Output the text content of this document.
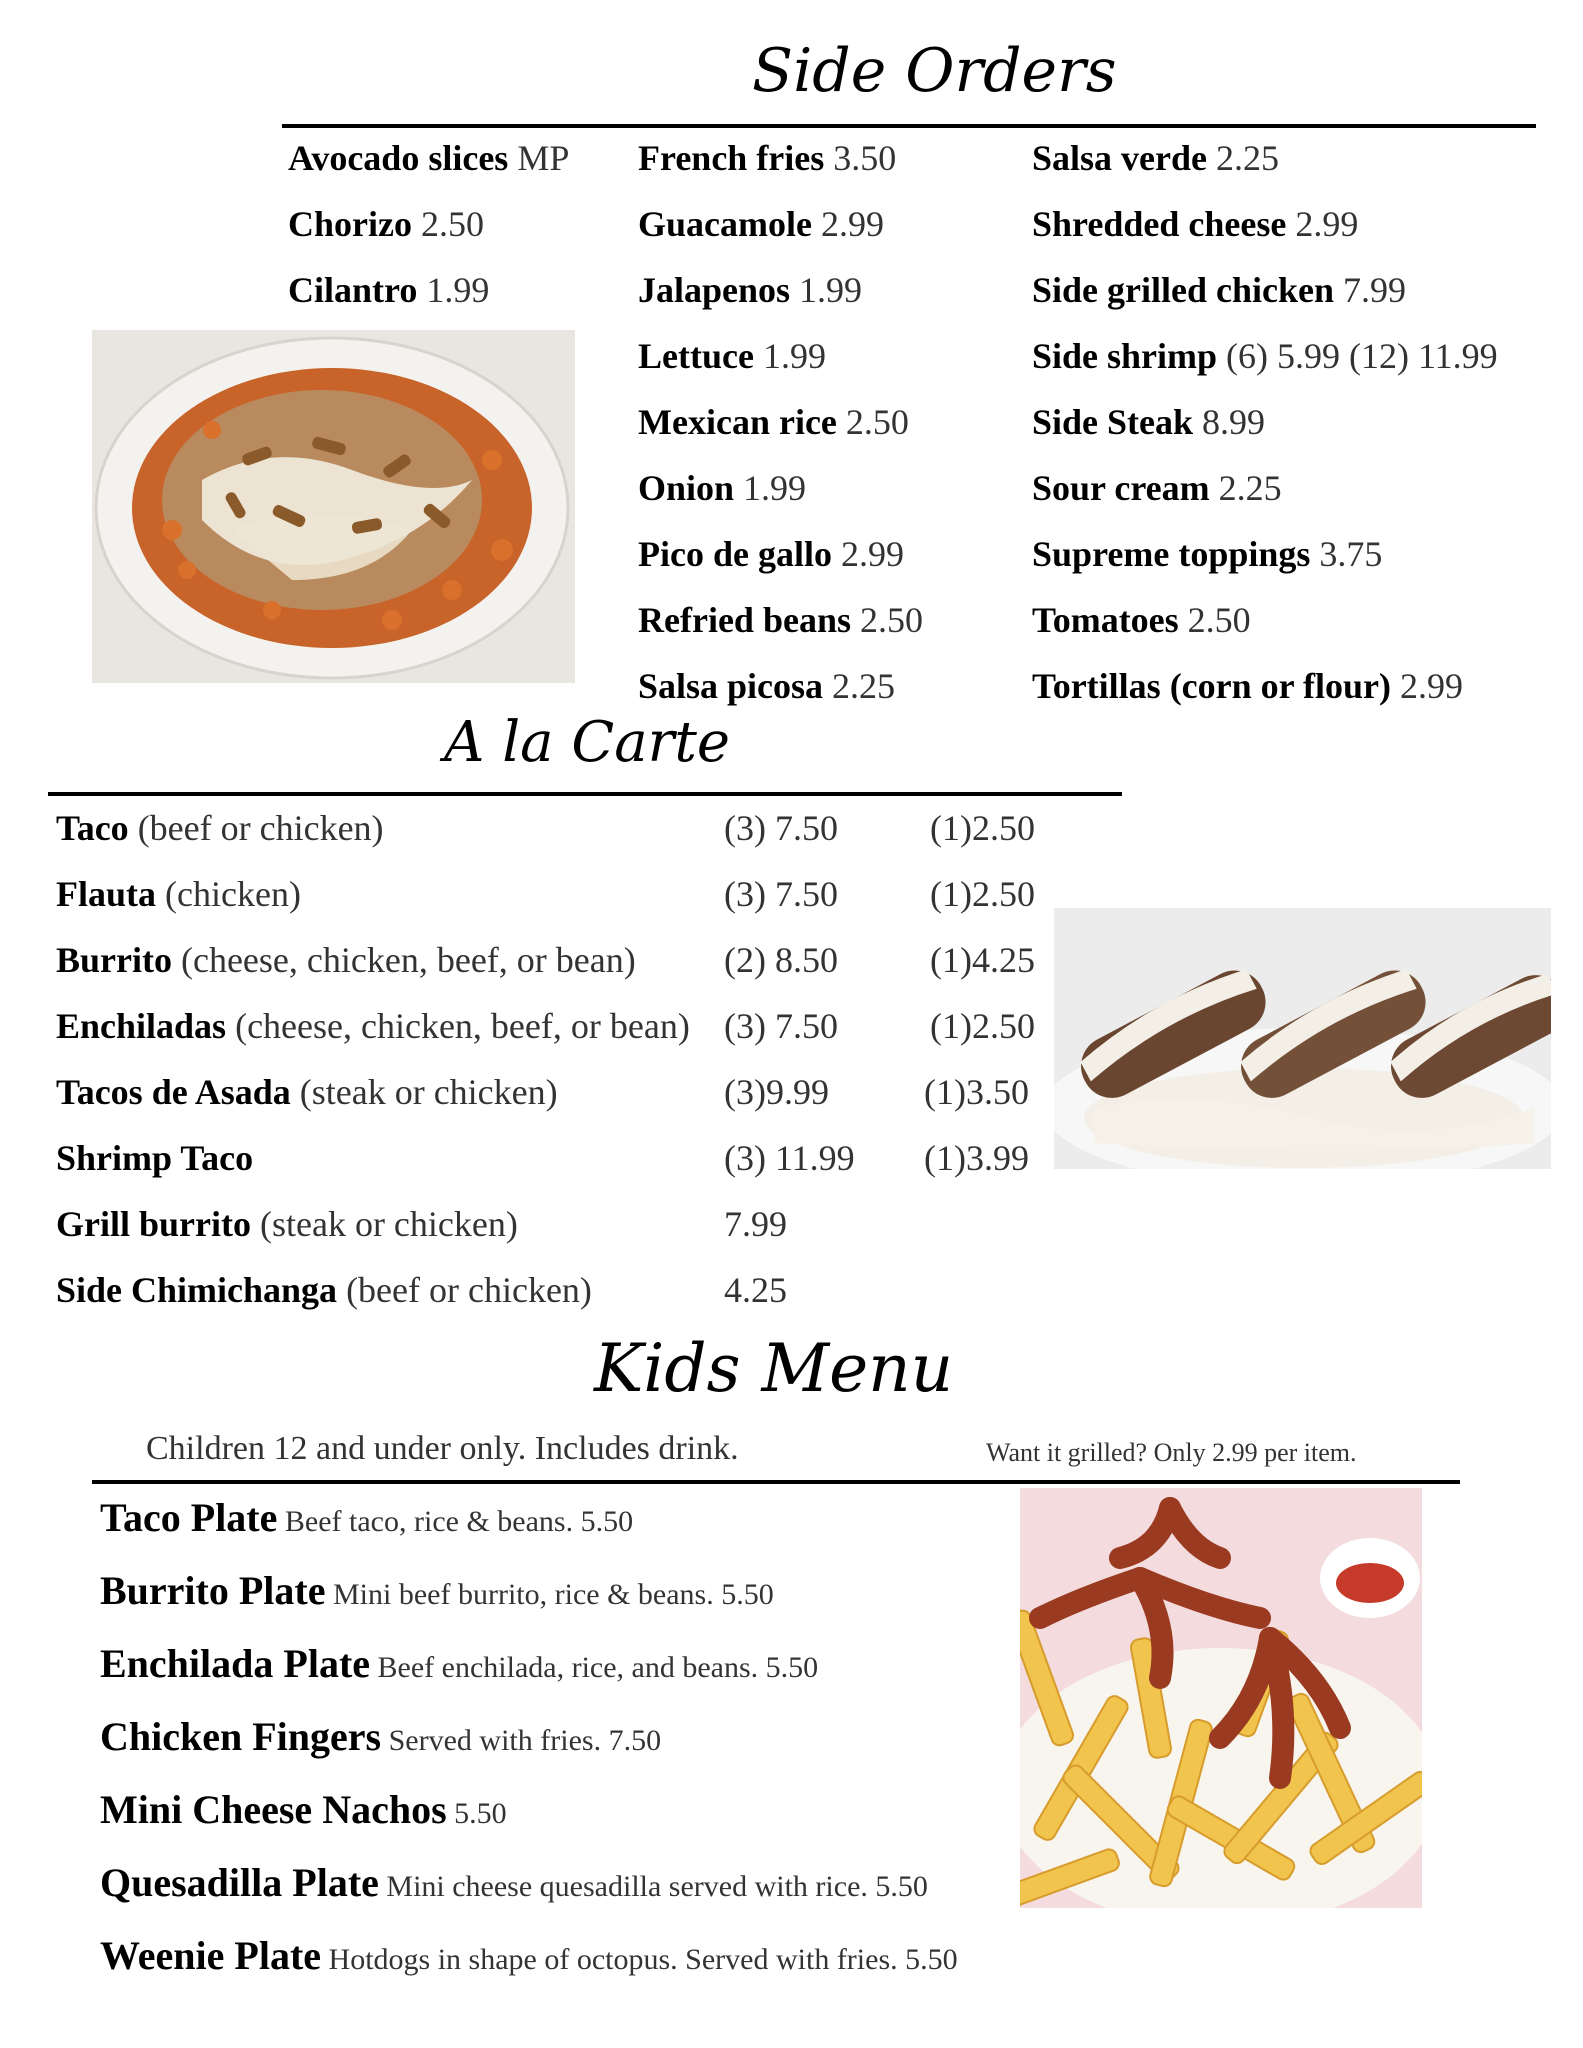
Side Orders
Avocado slices MP
Chorizo 2.50
Cilantro 1.99
French fries 3.50
Guacamole 2.99
Jalapenos 1.99
Lettuce 1.99
Mexican rice 2.50
Onion 1.99
Pico de gallo 2.99
Refried beans 2.50
Salsa picosa 2.25
Salsa verde 2.25
Shredded cheese 2.99
Side grilled chicken 7.99
Side shrimp (6) 5.99 (12) 11.99
Side Steak 8.99
Sour cream 2.25
Supreme toppings 3.75
Tomatoes 2.50
Tortillas (corn or flour) 2.99
A la Carte
Taco (beef or chicken)	(3) 7.50	(1)2.50
Flauta (chicken)	(3) 7.50	(1)2.50
Burrito (cheese, chicken, beef, or bean) (2) 8.50	(1)4.25
Enchiladas (cheese, chicken, beef, or bean) (3) 7.50	(1)2.50
Tacos de Asada (steak or chicken)	(3)9.99	(1)3.50
Shrimp Taco	(3) 11.99 (1)3.99
Grill burrito (steak or chicken)	7.99
Side Chimichanga (beef or chicken)	4.25
Kids Menu
Children 12 and under only. Includes drink.	Want it grilled? Only 2.99 per item.
Taco Plate Beef taco, rice & beans. 5.50
Burrito Plate Mini beef burrito, rice & beans. 5.50
Enchilada Plate Beef enchilada, rice, and beans. 5.50
Chicken Fingers Served with fries. 7.50
Mini Cheese Nachos 5.50
Quesadilla Plate Mini cheese quesadilla served with rice. 5.50
Weenie Plate Hotdogs in shape of octopus. Served with fries. 5.50
